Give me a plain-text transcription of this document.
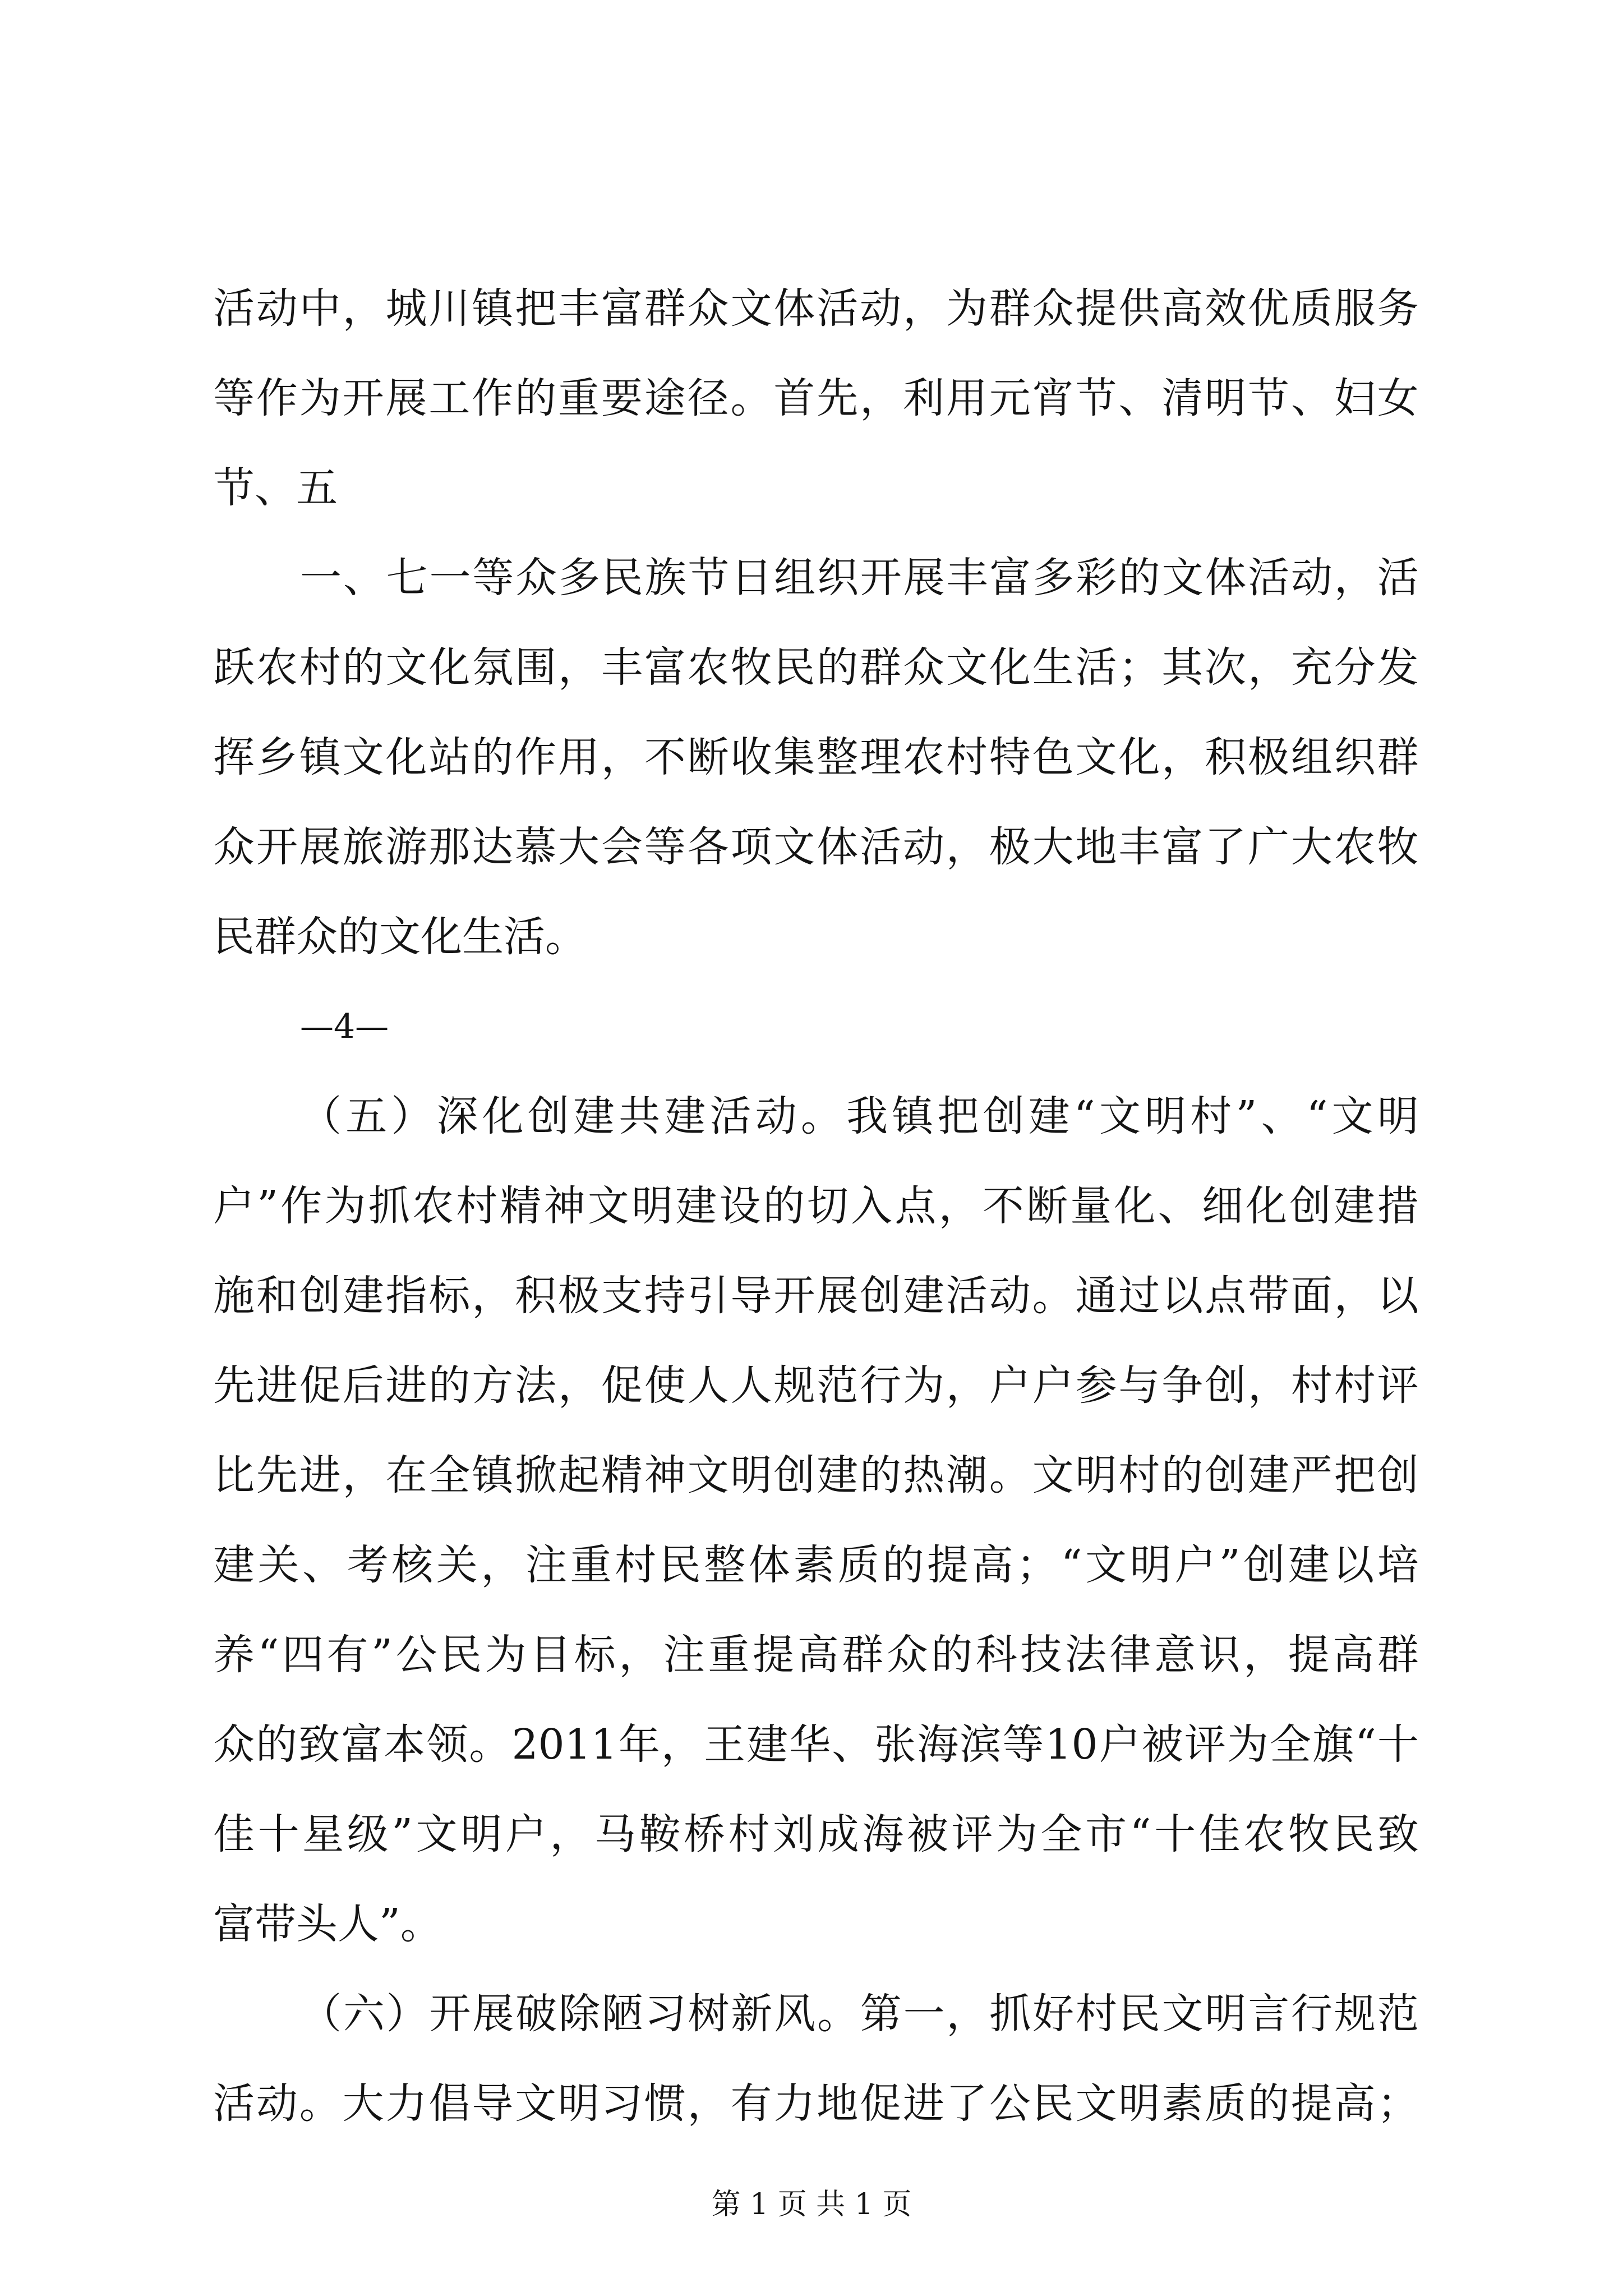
活 动 中 ， 城 川 镇 把 丰 富 群 众 文 体 活 动 ， 为 群 众 提 供 高 效 优 质 服 务
等 作 为 开 展 工 作 的 重 要 途 径 。 首 先 ， 利 用 元 宵 节 、 清 明 节 、 妇 女
节、五
一 、 七 一 等 众 多 民 族 节 日 组 织 开 展 丰 富 多 彩 的 文 体 活 动 ， 活
跃 农 村 的 文 化 氛 围 ， 丰 富 农 牧 民 的 群 众 文 化 生 活 ； 其 次 ， 充 分 发
挥 乡 镇 文 化 站 的 作 用 ， 不 断 收 集 整 理 农 村 特 色 文 化 ， 积 极 组 织 群
众 开 展 旅 游 那 达 慕 大 会 等 各 项 文 体 活 动 ， 极 大 地 丰 富 了 广 大 农 牧
民群众的文化生活。
—4—
（ 五 ） 深 化 创 建 共 建 活 动 。 我 镇 把 创 建 “ 文 明 村 ” 、 “ 文 明
户 ” 作 为 抓 农 村 精 神 文 明 建 设 的 切 入 点 ， 不 断 量 化 、 细 化 创 建 措
施 和 创 建 指 标 ， 积 极 支 持 引 导 开 展 创 建 活 动 。 通 过 以 点 带 面 ， 以
先 进 促 后 进 的 方 法 ， 促 使 人 人 规 范 行 为 ， 户 户 参 与 争 创 ， 村 村 评
比 先 进 ， 在 全 镇 掀 起 精 神 文 明 创 建 的 热 潮 。 文 明 村 的 创 建 严 把 创
建 关 、 考 核 关 ， 注 重 村 民 整 体 素 质 的 提 高 ； “ 文 明 户 ” 创 建 以 培
养 “ 四 有 ” 公 民 为 目 标 ， 注 重 提 高 群 众 的 科 技 法 律 意 识 ， 提 高 群
众 的 致 富 本 领 。 2011 年 ， 王 建 华 、 张 海 滨 等 10 户 被 评 为 全 旗 “ 十
佳 十 星 级 ” 文 明 户 ， 马 鞍 桥 村 刘 成 海 被 评 为 全 市 “ 十 佳 农 牧 民 致
富带头人”。
（ 六 ） 开 展 破 除 陋 习 树 新 风 。 第 一 ， 抓 好 村 民 文 明 言 行 规 范
活 动 。 大 力 倡 导 文 明 习 惯 ， 有 力 地 促 进 了 公 民 文 明 素 质 的 提 高 ；
第 1 页 共 1 页
